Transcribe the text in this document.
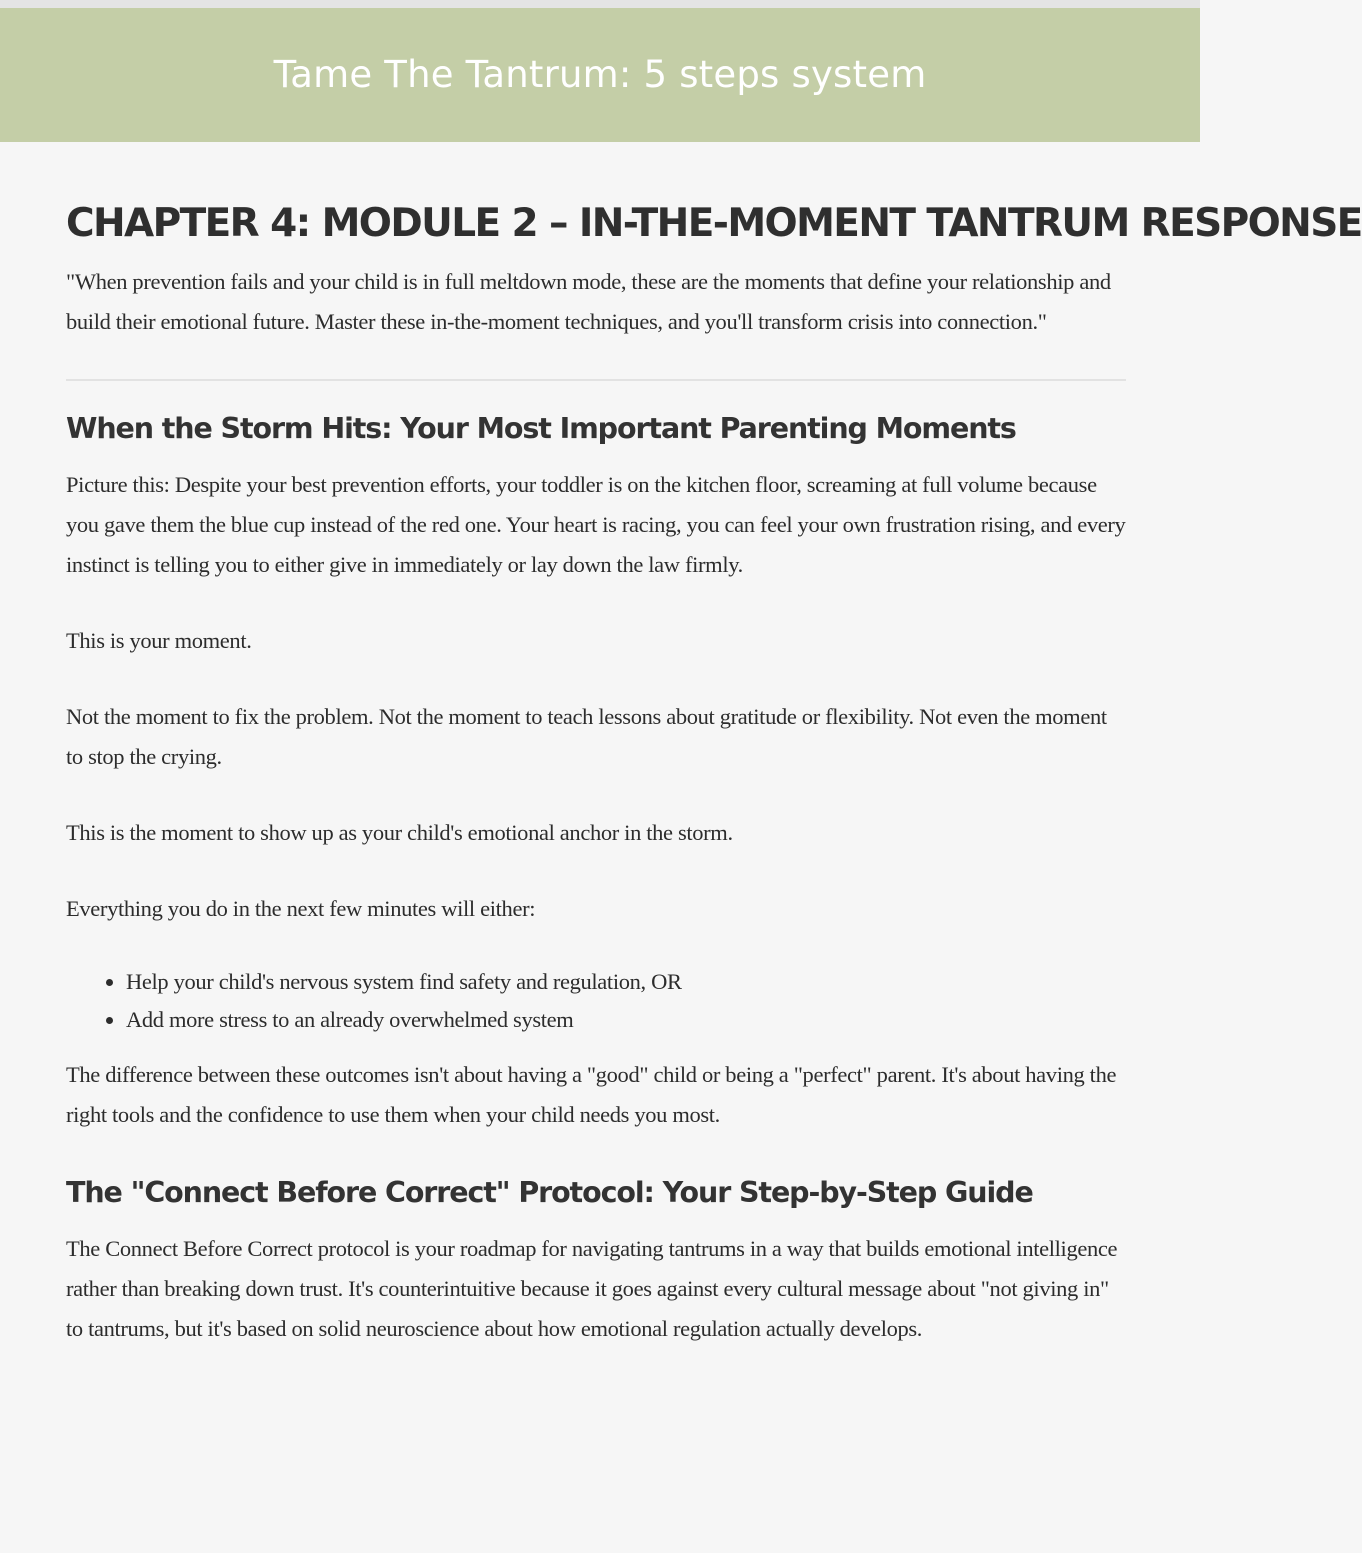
Tame The Tantrum: 5 steps system
CHAPTER 4: MODULE 2 – IN-THE-MOMENT TANTRUM RESPONSE

"When prevention fails and your child is in full meltdown mode, these are the moments that define your relationship and build their emotional future. Master these in-the-moment techniques, and you'll transform crisis into connection."

When the Storm Hits: Your Most Important Parenting Moments

Picture this: Despite your best prevention efforts, your toddler is on the kitchen floor, screaming at full volume because you gave them the blue cup instead of the red one. Your heart is racing, you can feel your own frustration rising, and every instinct is telling you to either give in immediately or lay down the law firmly.

This is your moment.

Not the moment to fix the problem. Not the moment to teach lessons about gratitude or flexibility. Not even the moment to stop the crying.

This is the moment to show up as your child's emotional anchor in the storm.

Everything you do in the next few minutes will either:

• Help your child's nervous system find safety and regulation, OR
• Add more stress to an already overwhelmed system

The difference between these outcomes isn't about having a "good" child or being a "perfect" parent. It's about having the right tools and the confidence to use them when your child needs you most.

The "Connect Before Correct" Protocol: Your Step-by-Step Guide

The Connect Before Correct protocol is your roadmap for navigating tantrums in a way that builds emotional intelligence rather than breaking down trust. It's counterintuitive because it goes against every cultural message about "not giving in" to tantrums, but it's based on solid neuroscience about how emotional regulation actually develops.
